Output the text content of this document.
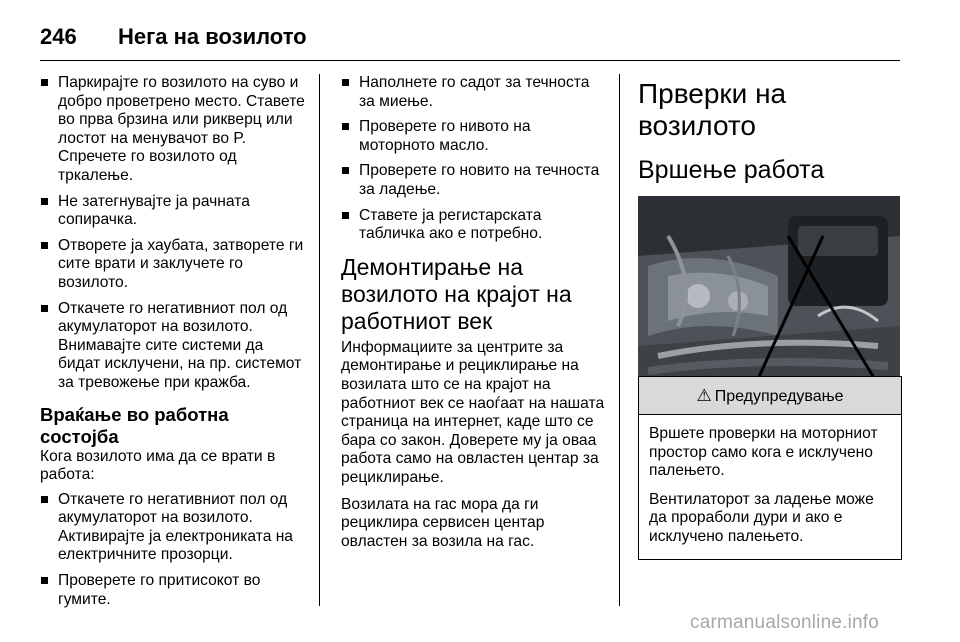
246 Нега на возилото
Паркирајте го возилото на суво и добро проветрено место. Ставете во прва брзина или рикверц или лостот на менувачот во P. Спречете го возилото од тркалење.
Не затегнувајте ја рачната сопирачка.
Отворете ја хаубата, затворете ги сите врати и заклучете го возилото.
Откачете го негативниот пол од акумулаторот на возилото. Внимавајте сите системи да бидат исклучени, на пр. системот за тревожење при кражба.
Враќање во работна состојба
Кога возилото има да се врати в работа:
Откачете го негативниот пол од акумулаторот на возилото. Активирајте ја електрониката на електричните прозорци.
Проверете го притисокот во гумите.
Наполнете го садот за течноста за миење.
Проверете го нивото на моторното масло.
Проверете го новито на течноста за ладење.
Ставете ја регистарската табличка ако е потребно.
Демонтирање на возилото на крајот на работниот век
Информациите за центрите за демонтирање и рециклирање на возилата што се на крајот на работниот век се наоѓаат на нашата страница на интернет, каде што се бара со закон. Доверете му ја оваа работа само на овластен центар за рециклирање.
Возилата на гас мора да ги рециклира сервисен центар овластен за возила на гас.
Прверки на возилото
Вршење работа
⚠ Предупредување

Вршете проверки на моторниот простор само кога е исклучено палењето.

Вентилаторот за ладење може да прораболи дури и ако е исклучено палењето.

carmanualsonline.info
